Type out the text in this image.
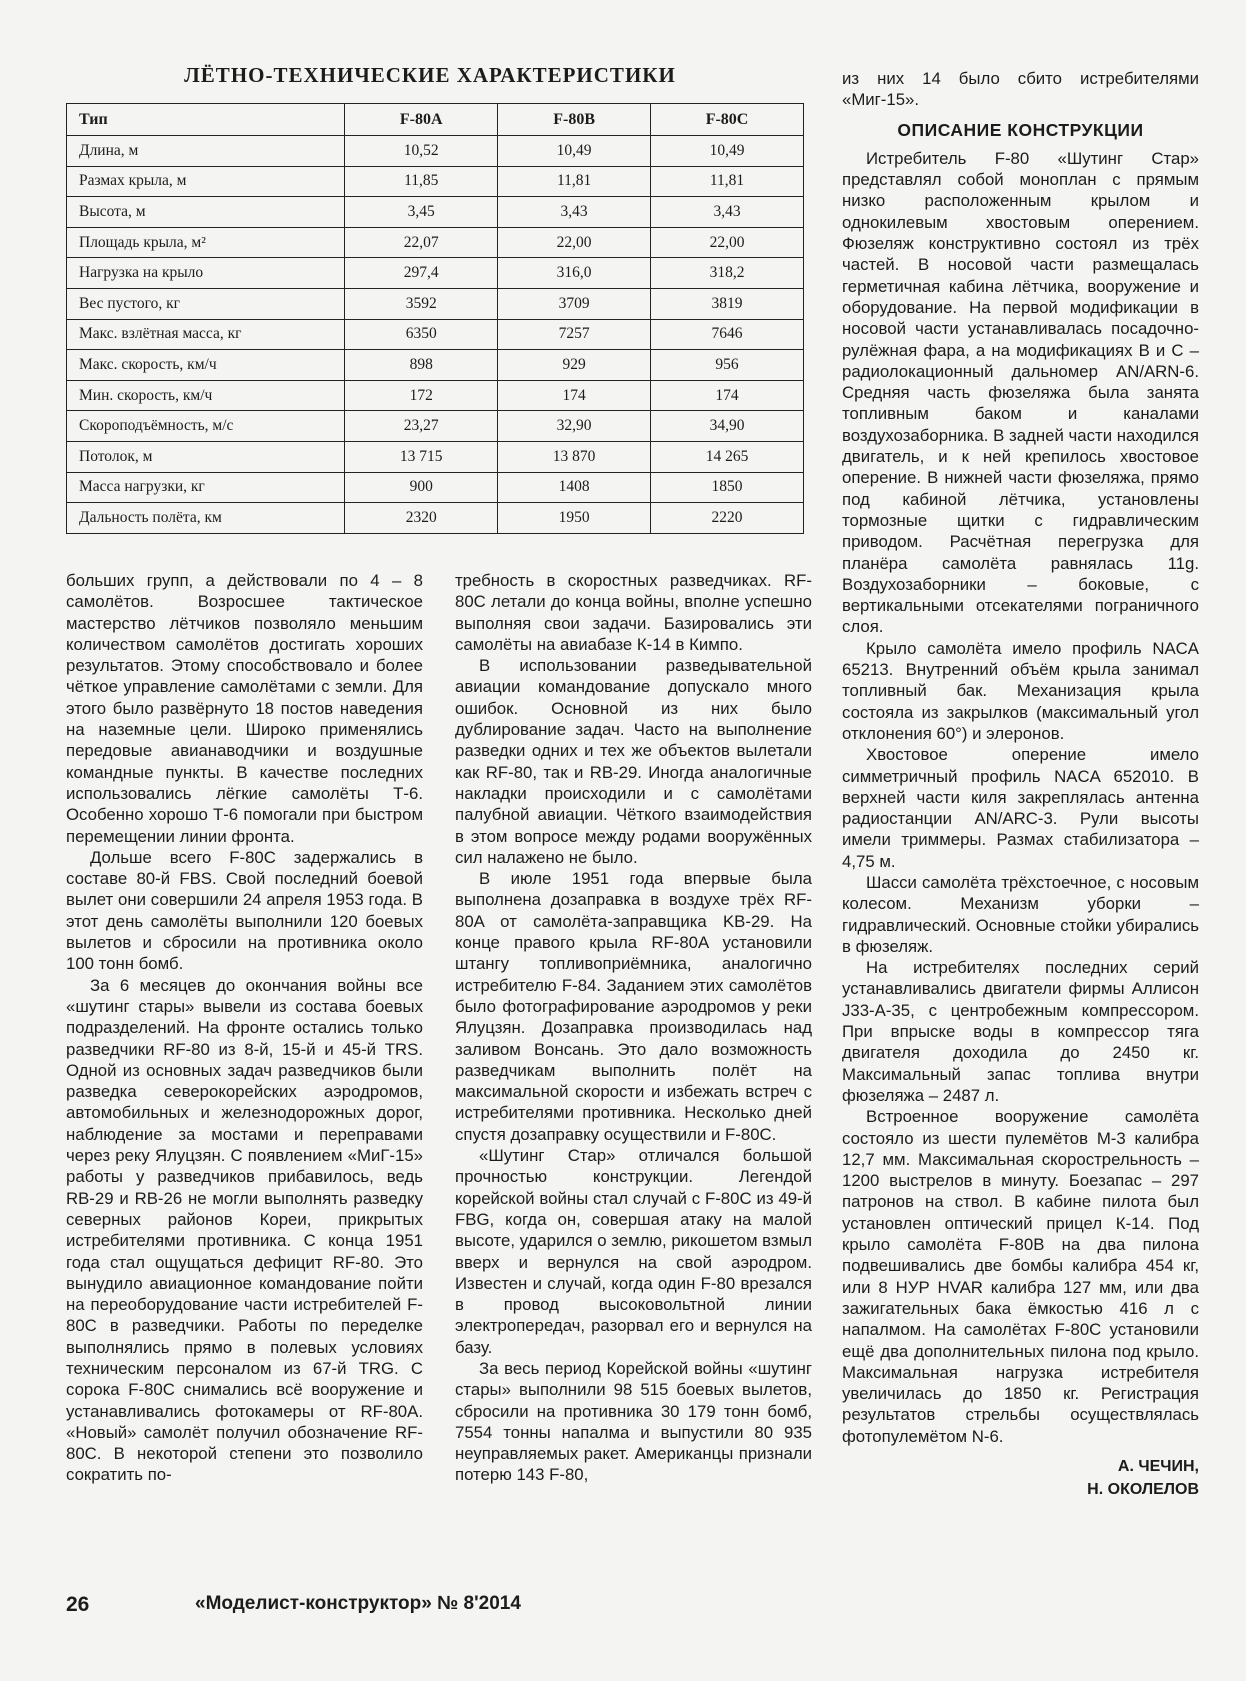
ЛЁТНО-ТЕХНИЧЕСКИЕ ХАРАКТЕРИСТИКИ
Тип	F-80A	F-80B	F-80C
Длина, м	10,52	10,49	10,49
Размах крыла, м	11,85	11,81	11,81
Высота, м	3,45	3,43	3,43
Площадь крыла, м²	22,07	22,00	22,00
Нагрузка на крыло	297,4	316,0	318,2
Вес пустого, кг	3592	3709	3819
Макс. взлётная масса, кг	6350	7257	7646
Макс. скорость, км/ч	898	929	956
Мин. скорость, км/ч	172	174	174
Скороподъёмность, м/с	23,27	32,90	34,90
Потолок, м	13 715	13 870	14 265
Масса нагрузки, кг	900	1408	1850
Дальность полёта, км	2320	1950	2220

больших групп, а действовали по 4 – 8 самолётов. Возросшее тактическое мастерство лётчиков позволяло меньшим количеством самолётов достигать хороших результатов. Этому способствовало и более чёткое управление самолётами с земли. Для этого было развёрнуто 18 постов наведения на наземные цели. Широко применялись передовые авианаводчики и воздушные командные пункты. В качестве последних использовались лёгкие самолёты Т-6. Особенно хорошо Т-6 помогали при быстром перемещении линии фронта.

Дольше всего F-80C задержались в составе 80-й FBS. Свой последний боевой вылет они совершили 24 апреля 1953 года. В этот день самолёты выполнили 120 боевых вылетов и сбросили на противника около 100 тонн бомб.

За 6 месяцев до окончания войны все «шутинг стары» вывели из состава боевых подразделений. На фронте остались только разведчики RF-80 из 8-й, 15-й и 45-й TRS. Одной из основных задач разведчиков были разведка северокорейских аэродромов, автомобильных и железнодорожных дорог, наблюдение за мостами и переправами через реку Ялуцзян. С появлением «МиГ-15» работы у разведчиков прибавилось, ведь RB-29 и RB-26 не могли выполнять разведку северных районов Кореи, прикрытых истребителями противника. С конца 1951 года стал ощущаться дефицит RF-80. Это вынудило авиационное командование пойти на переоборудование части истребителей F-80C в разведчики. Работы по переделке выполнялись прямо в полевых условиях техническим персоналом из 67-й TRG. С сорока F-80C снимались всё вооружение и устанавливались фотокамеры от RF-80A. «Новый» самолёт получил обозначение RF-80C. В некоторой степени это позволило сократить по-

требность в скоростных разведчиках. RF-80C летали до конца войны, вполне успешно выполняя свои задачи. Базировались эти самолёты на авиабазе К-14 в Кимпо.

В использовании разведывательной авиации командование допускало много ошибок. Основной из них было дублирование задач. Часто на выполнение разведки одних и тех же объектов вылетали как RF-80, так и RB-29. Иногда аналогичные накладки происходили и с самолётами палубной авиации. Чёткого взаимодействия в этом вопросе между родами вооружённых сил налажено не было.

В июле 1951 года впервые была выполнена дозаправка в воздухе трёх RF-80A от самолёта-заправщика KB-29. На конце правого крыла RF-80A установили штангу топливоприёмника, аналогично истребителю F-84. Заданием этих самолётов было фотографирование аэродромов у реки Ялуцзян. Дозаправка производилась над заливом Вонсань. Это дало возможность разведчикам выполнить полёт на максимальной скорости и избежать встреч с истребителями противника. Несколько дней спустя дозаправку осуществили и F-80C.

«Шутинг Стар» отличался большой прочностью конструкции. Легендой корейской войны стал случай с F-80C из 49-й FBG, когда он, совершая атаку на малой высоте, ударился о землю, рикошетом взмыл вверх и вернулся на свой аэродром. Известен и случай, когда один F-80 врезался в провод высоковольтной линии электропередач, разорвал его и вернулся на базу.

За весь период Корейской войны «шутинг стары» выполнили 98 515 боевых вылетов, сбросили на противника 30 179 тонн бомб, 7554 тонны напалма и выпустили 80 935 неуправляемых ракет. Американцы признали потерю 143 F-80,

из них 14 было сбито истребителями «Миг-15».

ОПИСАНИЕ КОНСТРУКЦИИ

Истребитель F-80 «Шутинг Стар» представлял собой моноплан с прямым низко расположенным крылом и однокилевым хвостовым оперением. Фюзеляж конструктивно состоял из трёх частей. В носовой части размещалась герметичная кабина лётчика, вооружение и оборудование. На первой модификации в носовой части устанавливалась посадочно-рулёжная фара, а на модификациях B и C – радиолокационный дальномер AN/ARN-6. Средняя часть фюзеляжа была занята топливным баком и каналами воздухозаборника. В задней части находился двигатель, и к ней крепилось хвостовое оперение. В нижней части фюзеляжа, прямо под кабиной лётчика, установлены тормозные щитки с гидравлическим приводом. Расчётная перегрузка для планёра самолёта равнялась 11g. Воздухозаборники – боковые, с вертикальными отсекателями пограничного слоя.

Крыло самолёта имело профиль NACA 65213. Внутренний объём крыла занимал топливный бак. Механизация крыла состояла из закрылков (максимальный угол отклонения 60°) и элеронов.

Хвостовое оперение имело симметричный профиль NACA 652010. В верхней части киля закреплялась антенна радиостанции AN/ARC-3. Рули высоты имели триммеры. Размах стабилизатора – 4,75 м.

Шасси самолёта трёхстоечное, с носовым колесом. Механизм уборки – гидравлический. Основные стойки убирались в фюзеляж.

На истребителях последних серий устанавливались двигатели фирмы Аллисон J33-A-35, с центробежным компрессором. При впрыске воды в компрессор тяга двигателя доходила до 2450 кг. Максимальный запас топлива внутри фюзеляжа – 2487 л.

Встроенное вооружение самолёта состояло из шести пулемётов М-3 калибра 12,7 мм. Максимальная скорострельность – 1200 выстрелов в минуту. Боезапас – 297 патронов на ствол. В кабине пилота был установлен оптический прицел К-14. Под крыло самолёта F-80B на два пилона подвешивались две бомбы калибра 454 кг, или 8 НУР HVAR калибра 127 мм, или два зажигательных бака ёмкостью 416 л с напалмом. На самолётах F-80C установили ещё два дополнительных пилона под крыло. Максимальная нагрузка истребителя увеличилась до 1850 кг. Регистрация результатов стрельбы осуществлялась фотопулемётом N-6.

А. ЧЕЧИН,
Н. ОКОЛЕЛОВ
26	«Моделист-конструктор» № 8'2014
